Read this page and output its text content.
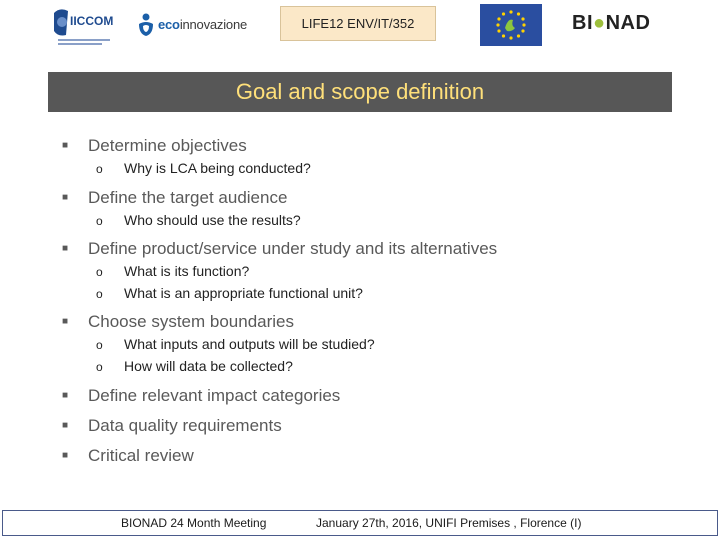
IICCOM	ecoinnovazione	LIFE12 ENV/IT/352	BI●NAD
Goal and scope definition
■ Determine objectives
o Why is LCA being conducted?
■ Define the target audience
o Who should use the results?
■ Define product/service under study and its alternatives
o What is its function?
o What is an appropriate functional unit?
■ Choose system boundaries
o What inputs and outputs will be studied?
o How will data be collected?
■ Define relevant impact categories
■ Data quality requirements
■ Critical review
BIONAD 24 Month Meeting	January 27th, 2016, UNIFI Premises , Florence (I)
